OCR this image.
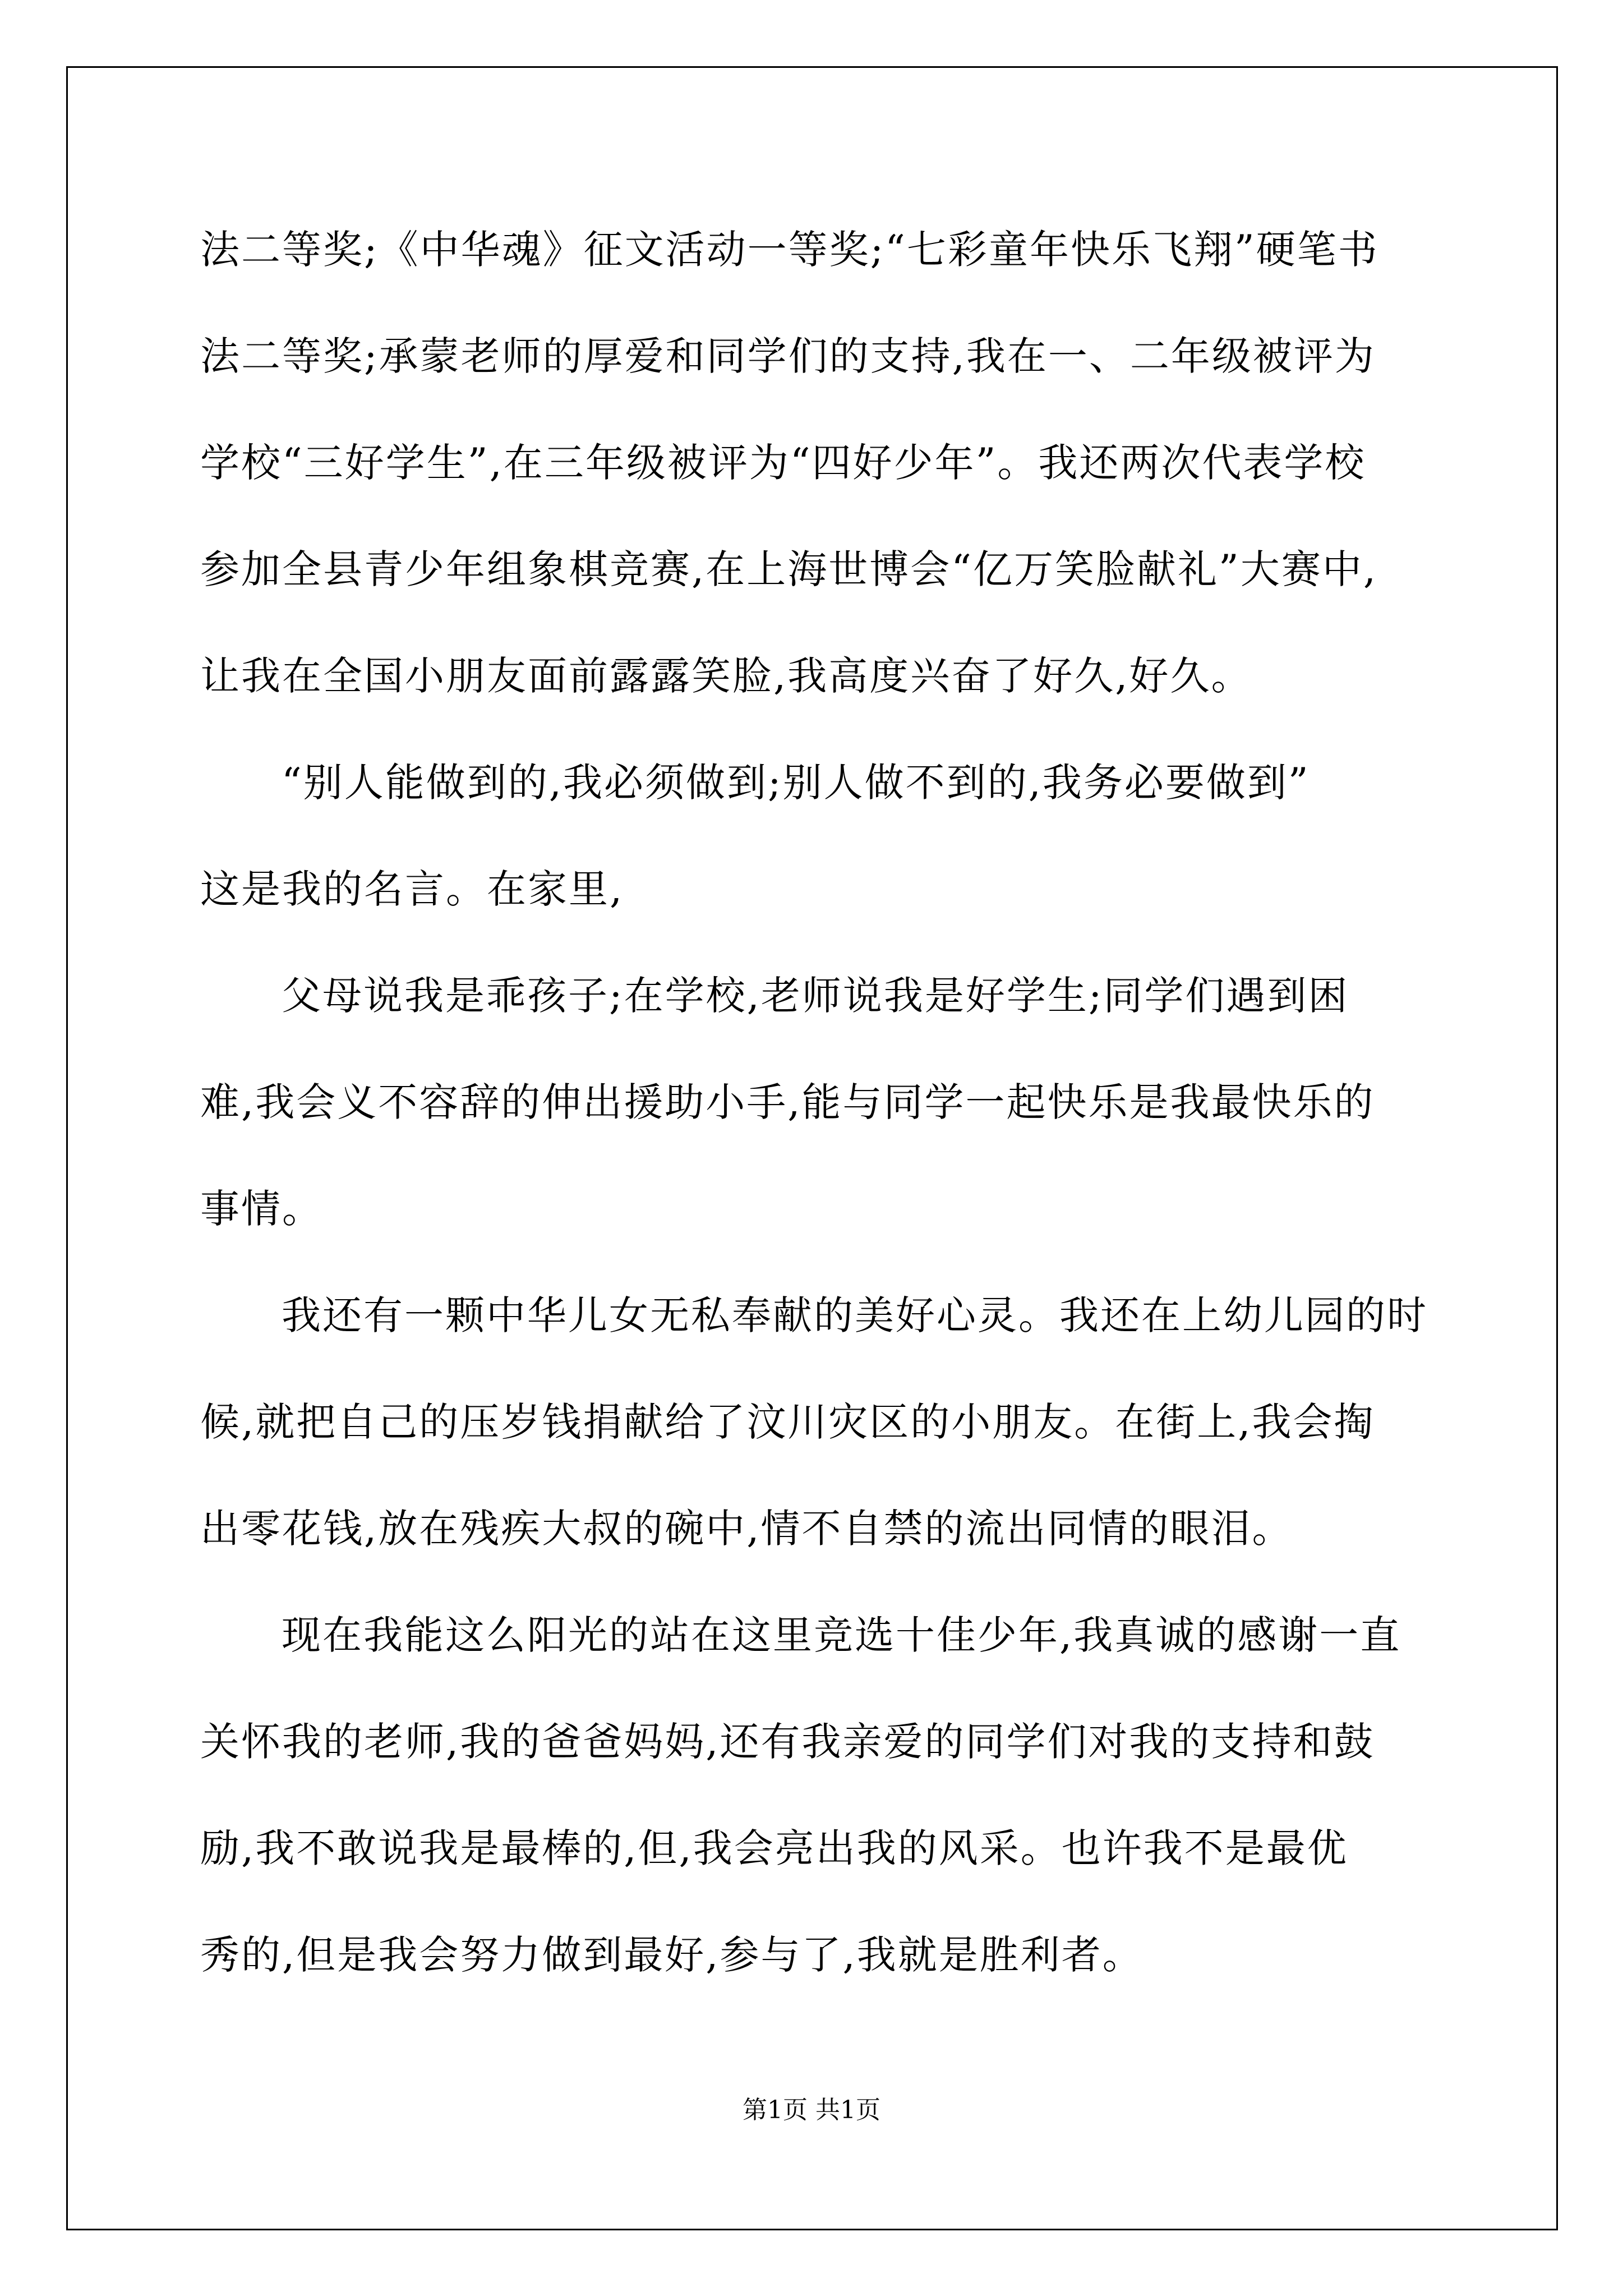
法二等奖;《中华魂》征文活动一等奖;“七彩童年快乐飞翔”硬笔书
法二等奖;承蒙老师的厚爱和同学们的支持,我在一、二年级被评为
学校“三好学生”,在三年级被评为“四好少年”。我还两次代表学校
参加全县青少年组象棋竞赛,在上海世博会“亿万笑脸献礼”大赛中,
让我在全国小朋友面前露露笑脸,我高度兴奋了好久,好久。
“别人能做到的,我必须做到;别人做不到的,我务必要做到”
这是我的名言。在家里,
父母说我是乖孩子;在学校,老师说我是好学生;同学们遇到困
难,我会义不容辞的伸出援助小手,能与同学一起快乐是我最快乐的
事情。
我还有一颗中华儿女无私奉献的美好心灵。我还在上幼儿园的时
候,就把自己的压岁钱捐献给了汶川灾区的小朋友。在街上,我会掏
出零花钱,放在残疾大叔的碗中,情不自禁的流出同情的眼泪。
现在我能这么阳光的站在这里竞选十佳少年,我真诚的感谢一直
关怀我的老师,我的爸爸妈妈,还有我亲爱的同学们对我的支持和鼓
励,我不敢说我是最棒的,但,我会亮出我的风采。也许我不是最优
秀的,但是我会努力做到最好,参与了,我就是胜利者。
第1页 共1页
